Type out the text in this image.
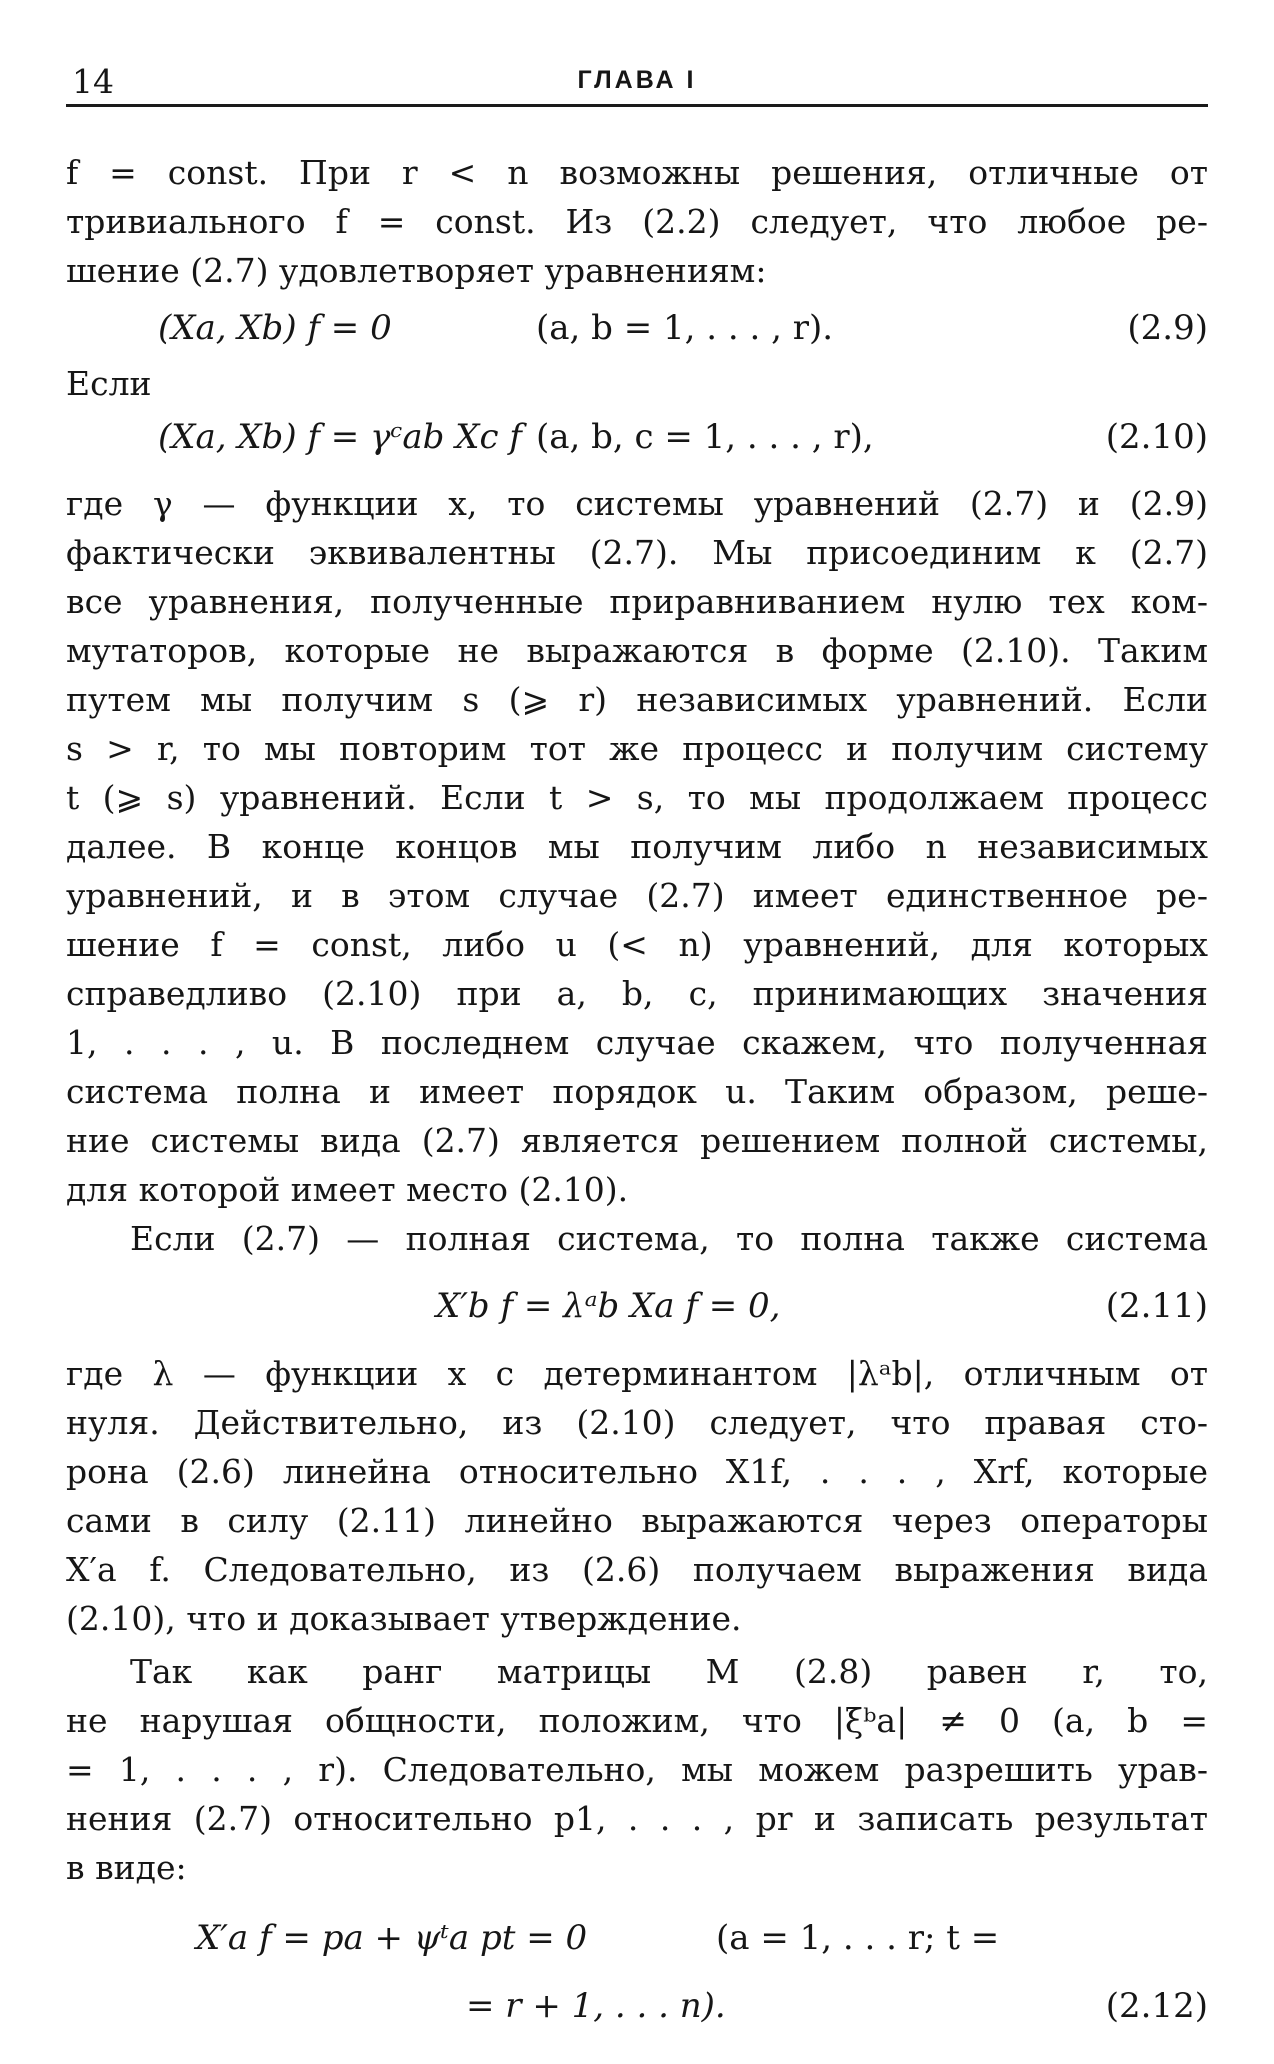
14	ГЛАВА I
f = const. При r < n возможны решения, отличные от
тривиального f = const. Из (2.2) следует, что любое ре-
шение (2.7) удовлетворяет уравнениям:
(Xa, Xb) f = 0	(a, b = 1, . . . , r).	(2.9)
Если
(Xa, Xb) f = γᶜab Xc f (a, b, c = 1, . . . , r),	(2.10)
где γ — функции x, то системы уравнений (2.7) и (2.9)
фактически эквивалентны (2.7). Мы присоединим к (2.7)
все уравнения, полученные приравниванием нулю тех ком-
мутаторов, которые не выражаются в форме (2.10). Таким
путем мы получим s (⩾ r) независимых уравнений. Если
s > r, то мы повторим тот же процесс и получим систему
t (⩾ s) уравнений. Если t > s, то мы продолжаем процесс
далее. В конце концов мы получим либо n независимых
уравнений, и в этом случае (2.7) имеет единственное ре-
шение f = const, либо u (< n) уравнений, для которых
справедливо (2.10) при a, b, c, принимающих значения
1, . . . , u. В последнем случае скажем, что полученная
система полна и имеет порядок u. Таким образом, реше-
ние системы вида (2.7) является решением полной системы,
для которой имеет место (2.10).
Если (2.7) — полная система, то полна также система
X′b f = λᵃb Xa f = 0,	(2.11)
где λ — функции x с детерминантом |λᵃb|, отличным от
нуля. Действительно, из (2.10) следует, что правая сто-
рона (2.6) линейна относительно X1f, . . . , Xrf, которые
сами в силу (2.11) линейно выражаются через операторы
X′a f. Следовательно, из (2.6) получаем выражения вида
(2.10), что и доказывает утверждение.
Так как ранг матрицы M (2.8) равен r, то,
не нарушая общности, положим, что |ξᵇa| ≠ 0 (a, b =
= 1, . . . , r). Следовательно, мы можем разрешить урав-
нения (2.7) относительно p1, . . . , pr и записать результат
в виде:
X′a f = pa + ψᵗa pt = 0	(a = 1, . . . r; t =
= r + 1, . . . n).	(2.12)
